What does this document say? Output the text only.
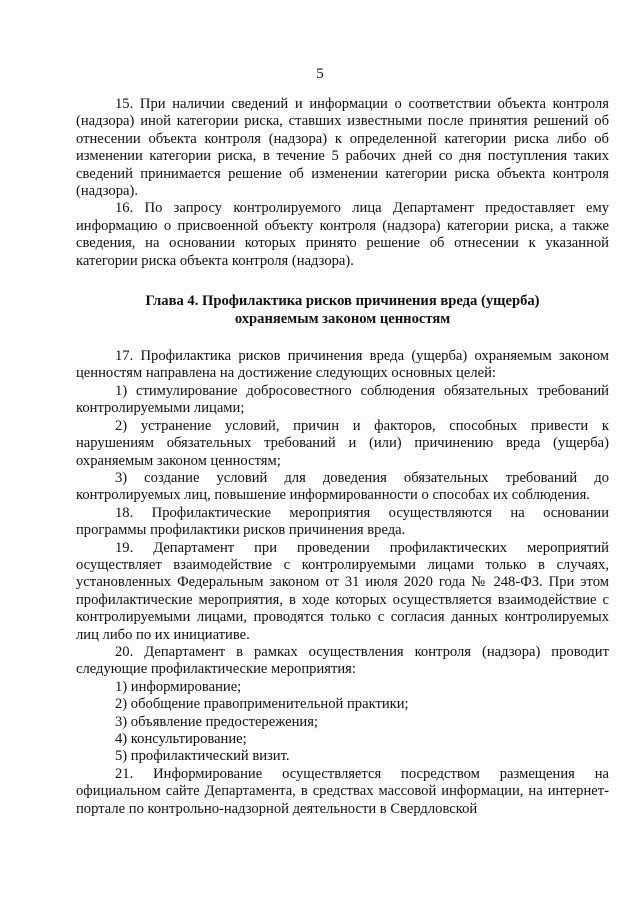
5

15. При наличии сведений и информации о соответствии объекта контроля (надзора) иной категории риска, ставших известными после принятия решений об отнесении объекта контроля (надзора) к определенной категории риска либо об изменении категории риска, в течение 5 рабочих дней со дня поступления таких сведений принимается решение об изменении категории риска объекта контроля (надзора).

16. По запросу контролируемого лица Департамент предоставляет ему информацию о присвоенной объекту контроля (надзора) категории риска, а также сведения, на основании которых принято решение об отнесении к указанной категории риска объекта контроля (надзора).

Глава 4. Профилактика рисков причинения вреда (ущерба)
охраняемым законом ценностям

17. Профилактика рисков причинения вреда (ущерба) охраняемым законом ценностям направлена на достижение следующих основных целей:

1) стимулирование добросовестного соблюдения обязательных требований контролируемыми лицами;

2) устранение условий, причин и факторов, способных привести к нарушениям обязательных требований и (или) причинению вреда (ущерба) охраняемым законом ценностям;

3) создание условий для доведения обязательных требований до контролируемых лиц, повышение информированности о способах их соблюдения.

18. Профилактические мероприятия осуществляются на основании программы профилактики рисков причинения вреда.

19. Департамент при проведении профилактических мероприятий осуществляет взаимодействие с контролируемыми лицами только в случаях, установленных Федеральным законом от 31 июля 2020 года № 248-ФЗ. При этом профилактические мероприятия, в ходе которых осуществляется взаимодействие с контролируемыми лицами, проводятся только с согласия данных контролируемых лиц либо по их инициативе.

20. Департамент в рамках осуществления контроля (надзора) проводит следующие профилактические мероприятия:

1) информирование;

2) обобщение правоприменительной практики;

3) объявление предостережения;

4) консультирование;

5) профилактический визит.

21. Информирование осуществляется посредством размещения на официальном сайте Департамента, в средствах массовой информации, на интернет-портале по контрольно-надзорной деятельности в Свердловской
